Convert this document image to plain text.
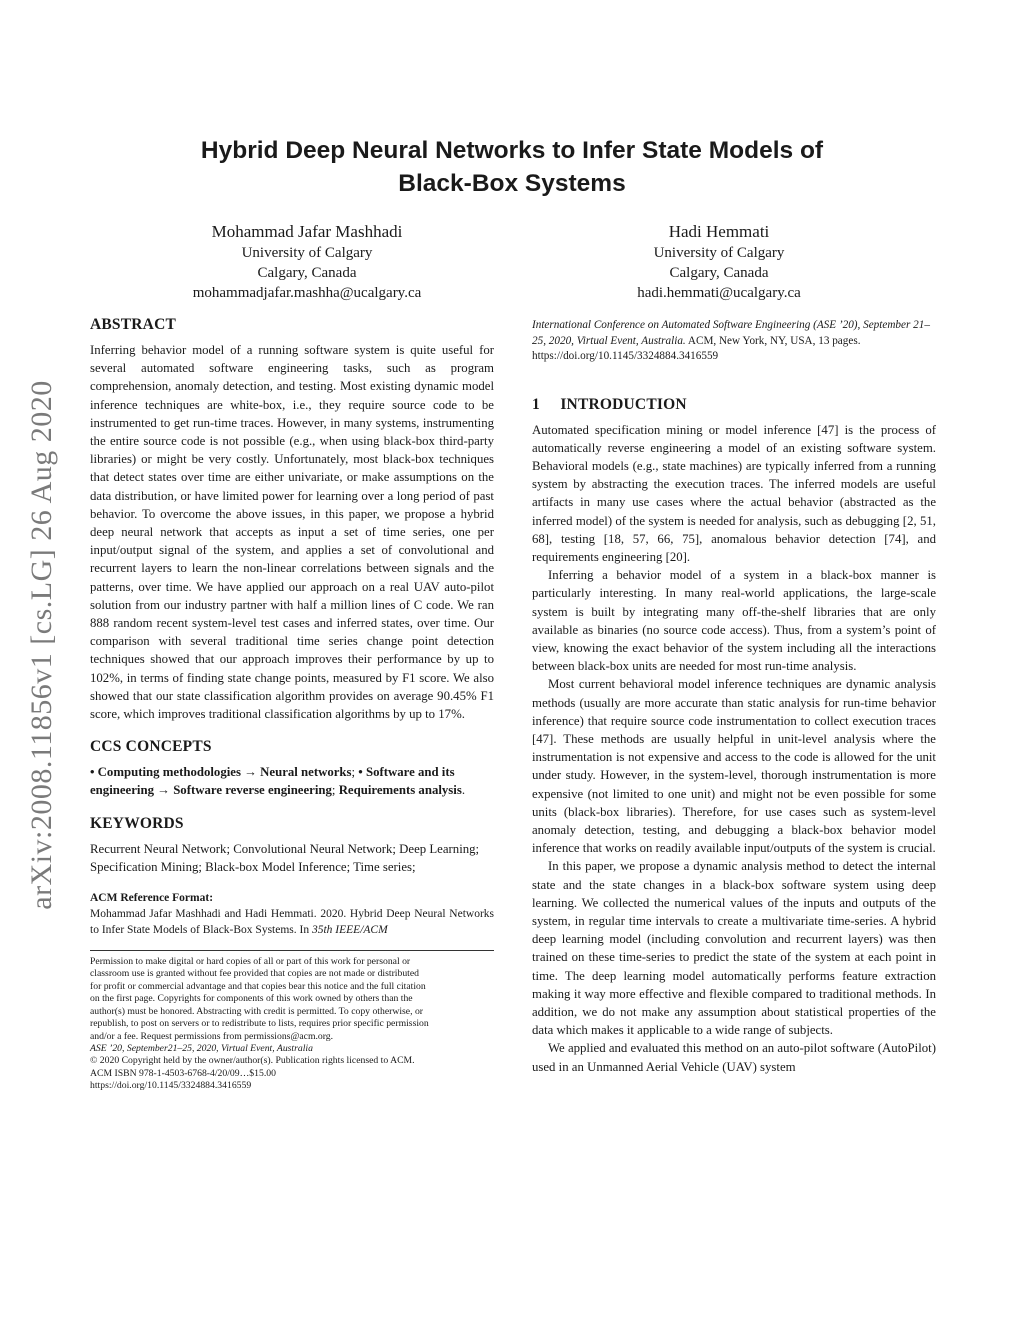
arXiv:2008.11856v1 [cs.LG] 26 Aug 2020
Hybrid Deep Neural Networks to Infer State Models of
Black-Box Systems
Mohammad Jafar Mashhadi
University of Calgary
Calgary, Canada
mohammadjafar.mashha@ucalgary.ca
Hadi Hemmati
University of Calgary
Calgary, Canada
hadi.hemmati@ucalgary.ca
ABSTRACT

Inferring behavior model of a running software system is quite useful for several automated software engineering tasks, such as program comprehension, anomaly detection, and testing. Most existing dynamic model inference techniques are white-box, i.e., they require source code to be instrumented to get run-time traces. However, in many systems, instrumenting the entire source code is not possible (e.g., when using black-box third-party libraries) or might be very costly. Unfortunately, most black-box techniques that detect states over time are either univariate, or make assumptions on the data distribution, or have limited power for learning over a long period of past behavior. To overcome the above issues, in this paper, we propose a hybrid deep neural network that accepts as input a set of time series, one per input/output signal of the system, and applies a set of convolutional and recurrent layers to learn the non-linear correlations between signals and the patterns, over time. We have applied our approach on a real UAV auto-pilot solution from our industry partner with half a million lines of C code. We ran 888 random recent system-level test cases and inferred states, over time. Our comparison with several traditional time series change point detection techniques showed that our approach improves their performance by up to 102%, in terms of finding state change points, measured by F1 score. We also showed that our state classification algorithm provides on average 90.45% F1 score, which improves traditional classification algorithms by up to 17%.

CCS CONCEPTS

• Computing methodologies → Neural networks; • Software and its engineering → Software reverse engineering; Requirements analysis.

KEYWORDS

Recurrent Neural Network; Convolutional Neural Network; Deep Learning; Specification Mining; Black-box Model Inference; Time series;

ACM Reference Format:
Mohammad Jafar Mashhadi and Hadi Hemmati. 2020. Hybrid Deep Neural Networks to Infer State Models of Black-Box Systems. In 35th IEEE/ACM
Permission to make digital or hard copies of all or part of this work for personal or
classroom use is granted without fee provided that copies are not made or distributed
for profit or commercial advantage and that copies bear this notice and the full citation
on the first page. Copyrights for components of this work owned by others than the
author(s) must be honored. Abstracting with credit is permitted. To copy otherwise, or
republish, to post on servers or to redistribute to lists, requires prior specific permission
and/or a fee. Request permissions from permissions@acm.org.
ASE ’20, September21–25, 2020, Virtual Event, Australia
© 2020 Copyright held by the owner/author(s). Publication rights licensed to ACM.
ACM ISBN 978-1-4503-6768-4/20/09…$15.00
https://doi.org/10.1145/3324884.3416559
International Conference on Automated Software Engineering (ASE ’20), September 21–25, 2020, Virtual Event, Australia. ACM, New York, NY, USA, 13 pages. https://doi.org/10.1145/3324884.3416559
1     INTRODUCTION

Automated specification mining or model inference [47] is the process of automatically reverse engineering a model of an existing software system. Behavioral models (e.g., state machines) are typically inferred from a running system by abstracting the execution traces. The inferred models are useful artifacts in many use cases where the actual behavior (abstracted as the inferred model) of the system is needed for analysis, such as debugging [2, 51, 68], testing [18, 57, 66, 75], anomalous behavior detection [74], and requirements engineering [20].

Inferring a behavior model of a system in a black-box manner is particularly interesting. In many real-world applications, the large-scale system is built by integrating many off-the-shelf libraries that are only available as binaries (no source code access). Thus, from a system’s point of view, knowing the exact behavior of the system including all the interactions between black-box units are needed for most run-time analysis.

Most current behavioral model inference techniques are dynamic analysis methods (usually are more accurate than static analysis for run-time behavior inference) that require source code instrumentation to collect execution traces [47]. These methods are usually helpful in unit-level analysis where the instrumentation is not expensive and access to the code is allowed for the unit under study. However, in the system-level, thorough instrumentation is more expensive (not limited to one unit) and might not be even possible for some units (black-box libraries). Therefore, for use cases such as system-level anomaly detection, testing, and debugging a black-box behavior model inference that works on readily available input/outputs of the system is crucial.

In this paper, we propose a dynamic analysis method to detect the internal state and the state changes in a black-box software system using deep learning. We collected the numerical values of the inputs and outputs of the system, in regular time intervals to create a multivariate time-series. A hybrid deep learning model (including convolution and recurrent layers) was then trained on these time-series to predict the state of the system at each point in time. The deep learning model automatically performs feature extraction making it way more effective and flexible compared to traditional methods. In addition, we do not make any assumption about statistical properties of the data which makes it applicable to a wide range of subjects.

We applied and evaluated this method on an auto-pilot software (AutoPilot) used in an Unmanned Aerial Vehicle (UAV) system
